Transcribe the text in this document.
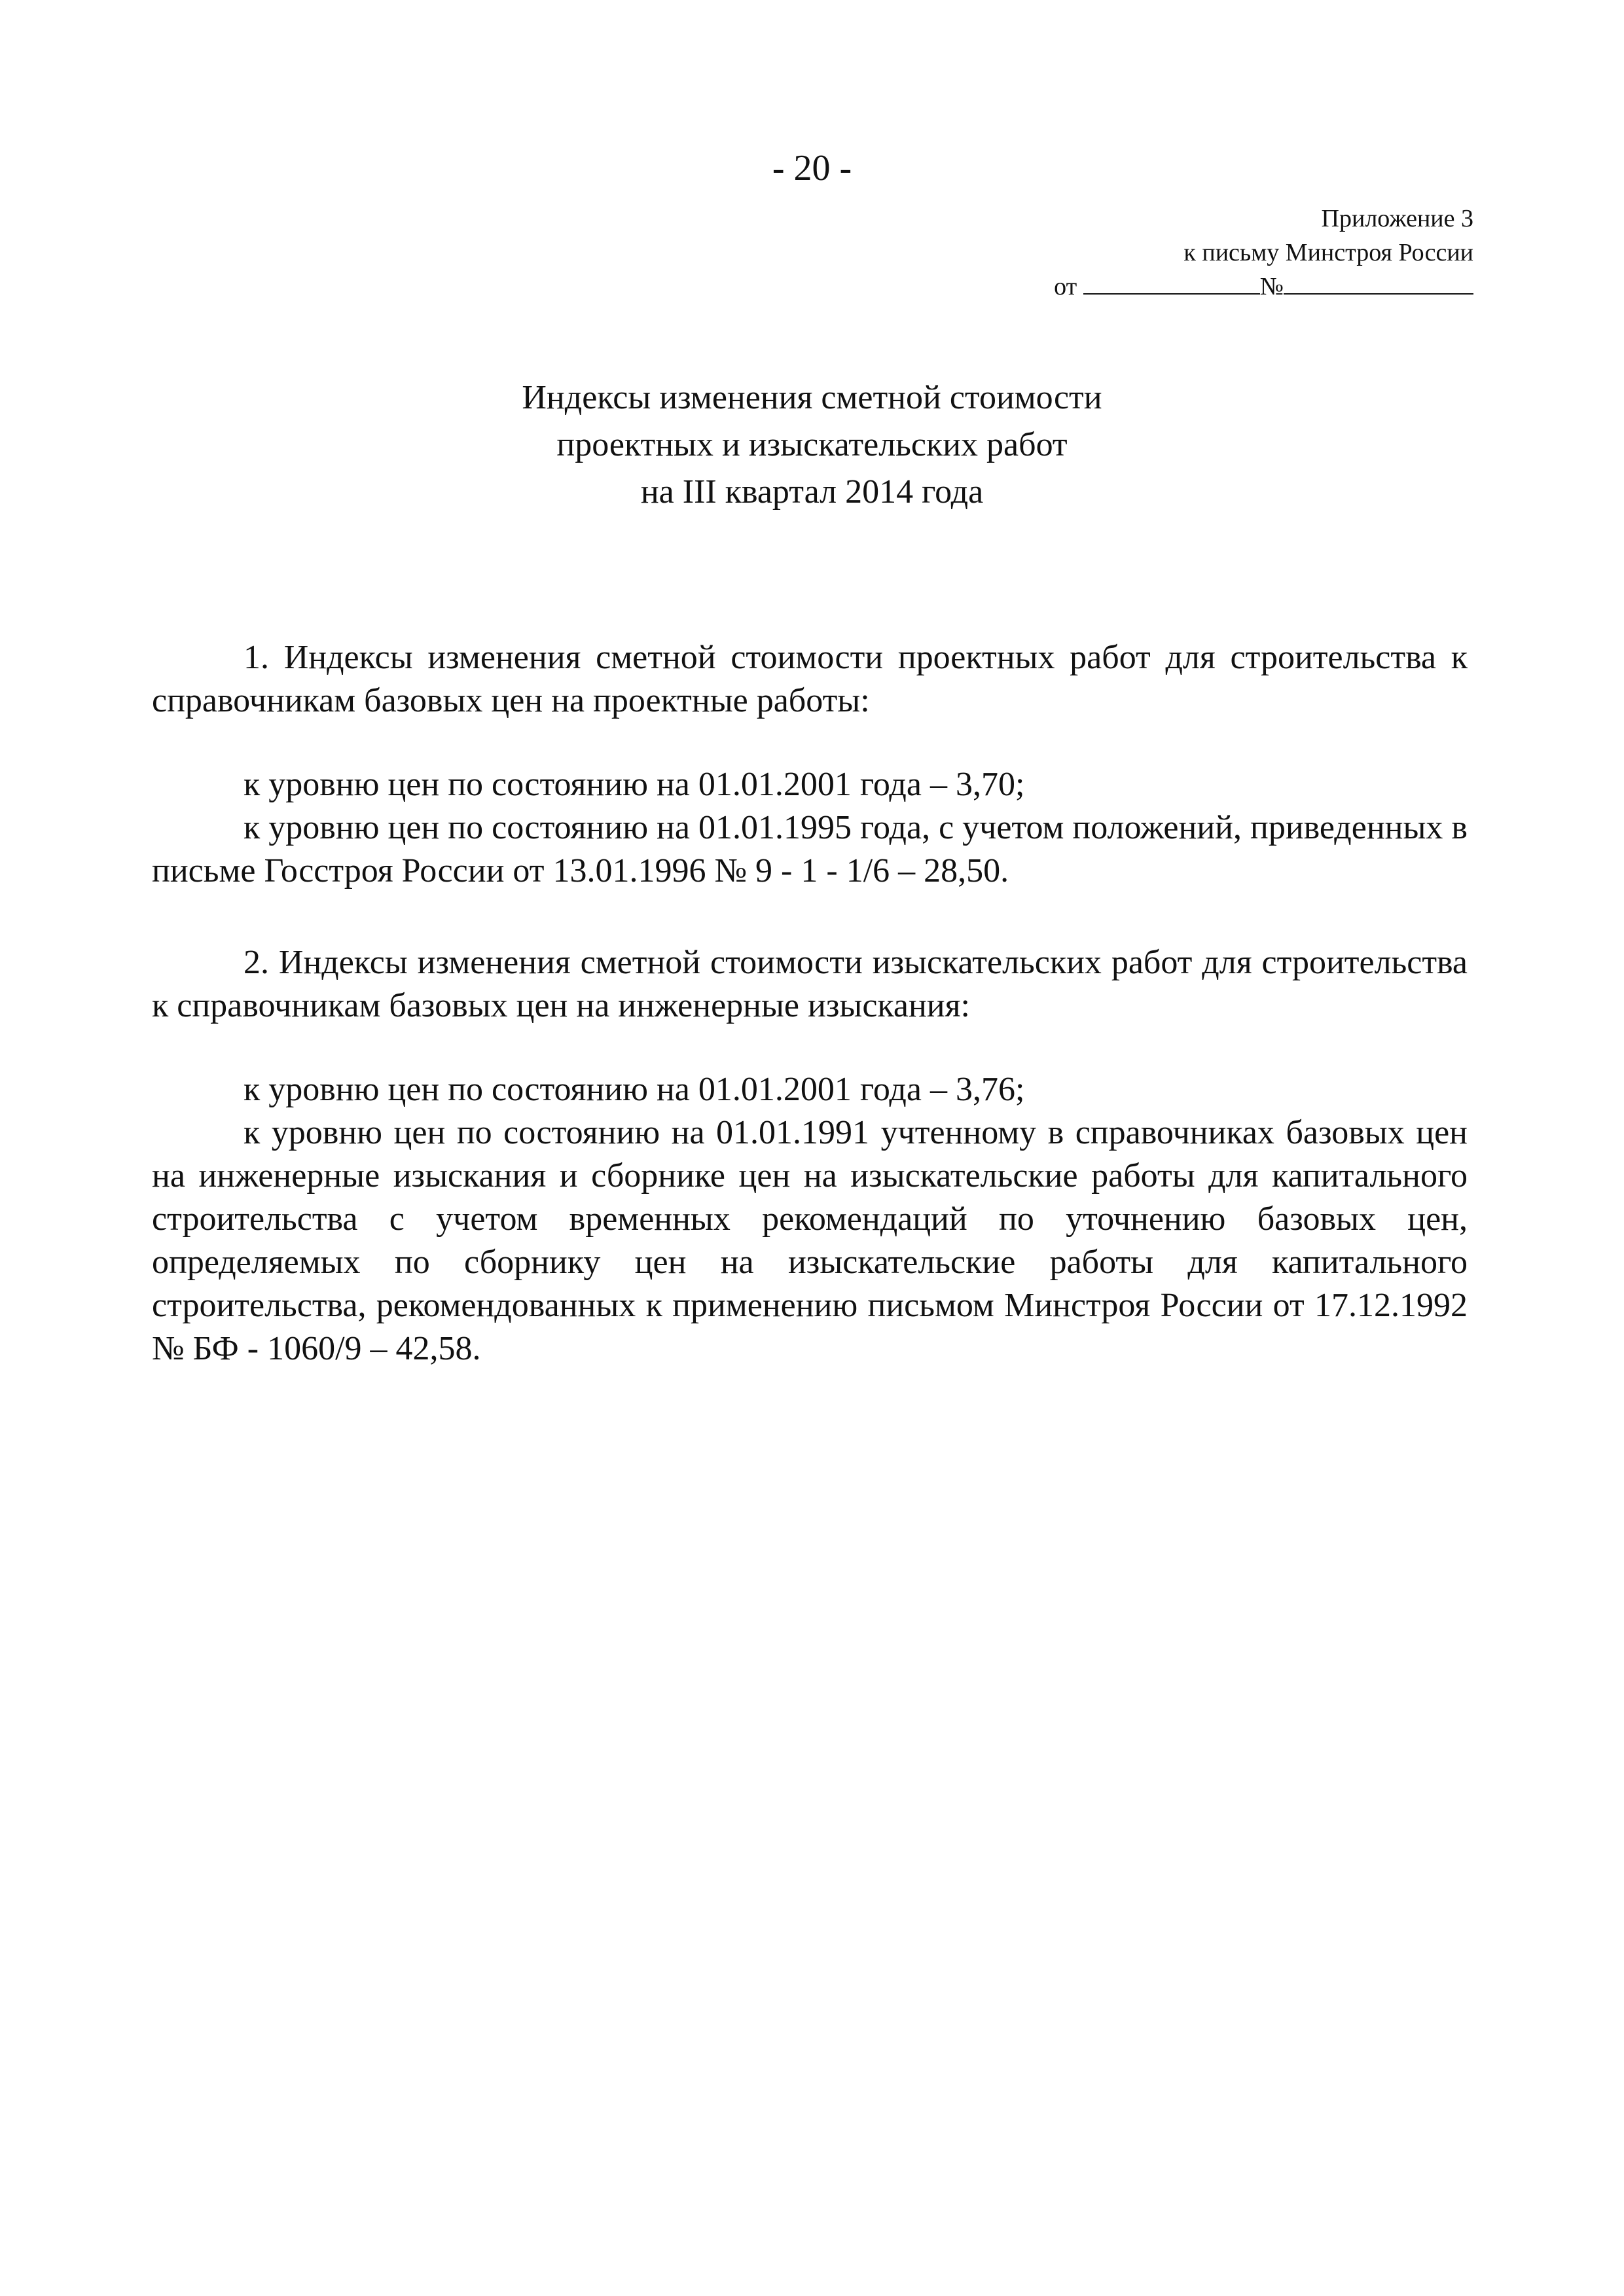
- 20 -
Приложение 3
к письму Минстроя России
от	№
Индексы изменения сметной стоимости
проектных и изыскательских работ
на III квартал 2014 года

1. Индексы изменения сметной стоимости проектных работ для строительства к справочникам базовых цен на проектные работы:

к уровню цен по состоянию на 01.01.2001 года – 3,70;

к уровню цен по состоянию на 01.01.1995 года, с учетом положений, приведенных в письме Госстроя России от 13.01.1996 № 9 - 1 - 1/6 – 28,50.

2. Индексы изменения сметной стоимости изыскательских работ для строительства к справочникам базовых цен на инженерные изыскания:

к уровню цен по состоянию на 01.01.2001 года – 3,76;

к уровню цен по состоянию на 01.01.1991 учтенному в справочниках базовых цен на инженерные изыскания и сборнике цен на изыскательские работы для капитального строительства с учетом временных рекомендаций по уточнению базовых цен, определяемых по сборнику цен на изыскательские работы для капитального строительства, рекомендованных к применению письмом Минстроя России от 17.12.1992 № БФ - 1060/9 – 42,58.
